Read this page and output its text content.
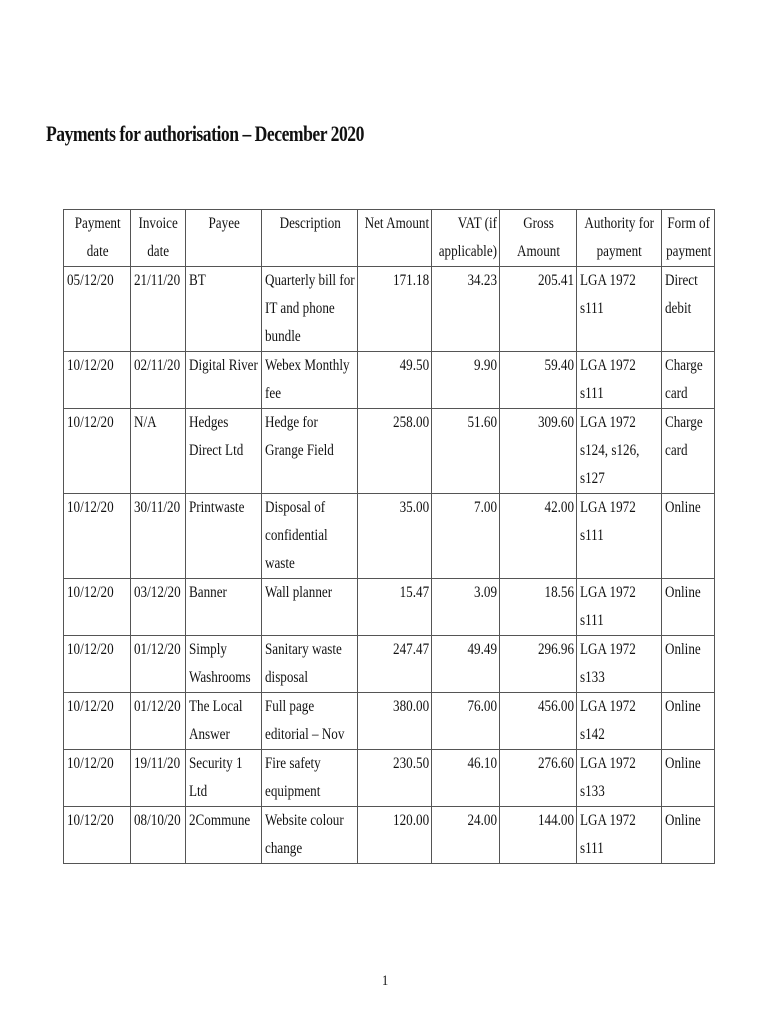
Payments for authorisation – December 2020
Payment date	Invoice date	Payee	Description	Net Amount	VAT (if applicable)	Gross Amount	Authority for payment	Form of payment

05/12/20	21/11/20	BT	Quarterly bill for IT and phone bundle	171.18	34.23	205.41	LGA 1972 s111	Direct debit

10/12/20	02/11/20	Digital River	Webex Monthly fee	49.50	9.90	59.40	LGA 1972 s111	Charge card

10/12/20	N/A	Hedges Direct Ltd	Hedge for Grange Field	258.00	51.60	309.60	LGA 1972 s124, s126, s127	Charge card

10/12/20	30/11/20	Printwaste	Disposal of confidential waste	35.00	7.00	42.00	LGA 1972 s111	Online

10/12/20	03/12/20	Banner	Wall planner	15.47	3.09	18.56	LGA 1972 s111	Online

10/12/20	01/12/20	Simply Washrooms	Sanitary waste disposal	247.47	49.49	296.96	LGA 1972 s133	Online

10/12/20	01/12/20	The Local Answer	Full page editorial – Nov	380.00	76.00	456.00	LGA 1972 s142	Online

10/12/20	19/11/20	Security 1 Ltd	Fire safety equipment	230.50	46.10	276.60	LGA 1972 s133	Online

10/12/20	08/10/20	2Commune	Website colour change	120.00	24.00	144.00	LGA 1972 s111	Online
1
